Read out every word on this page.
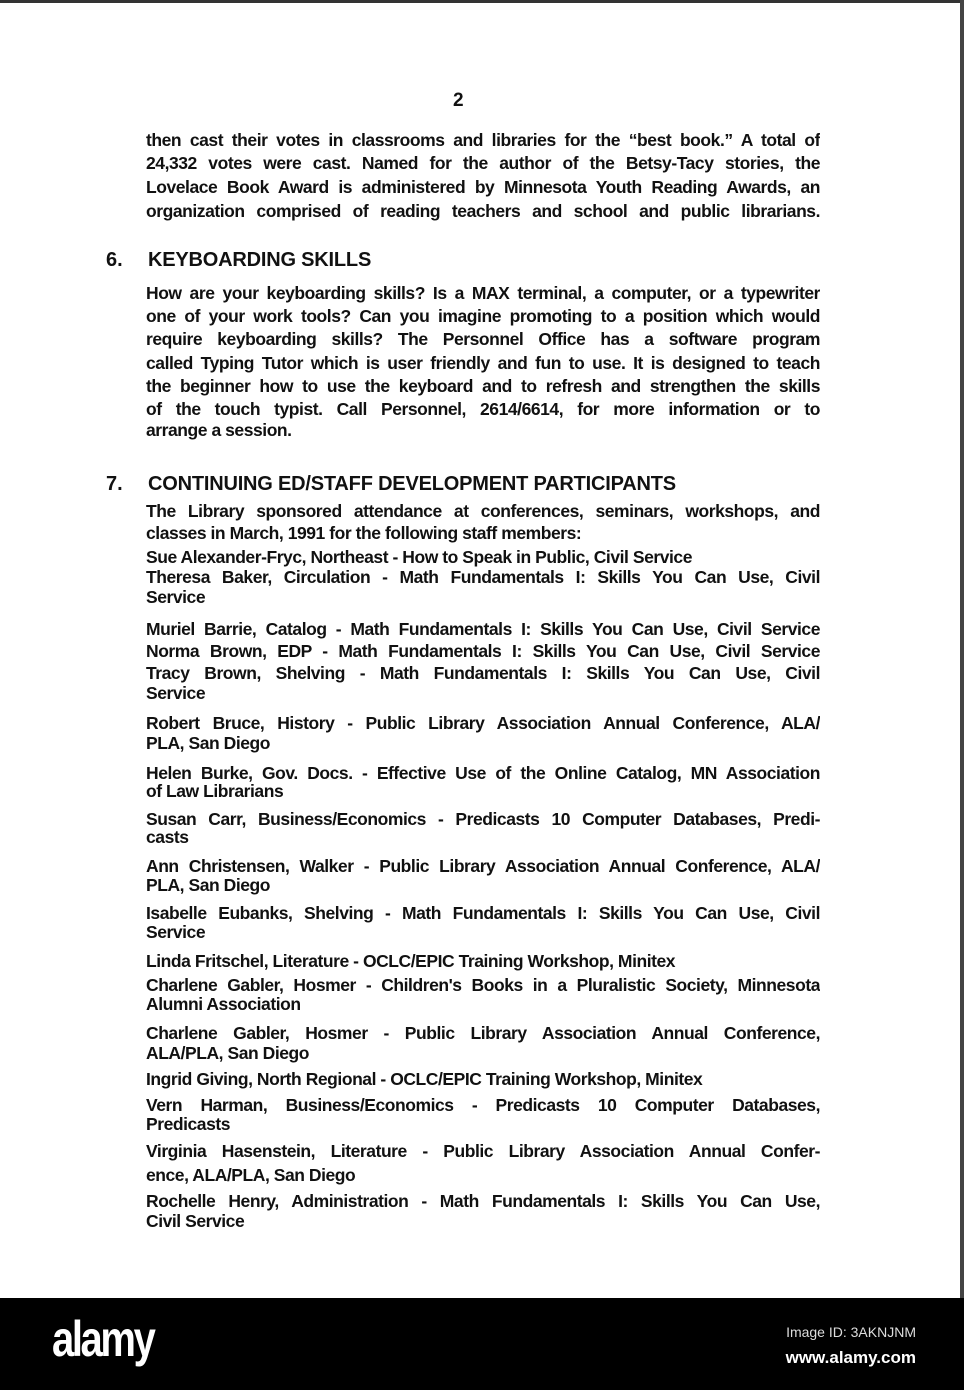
2
then cast their votes in classrooms and libraries for the “best book.” A total of
24,332 votes were cast. Named for the author of the Betsy-Tacy stories, the
Lovelace Book Award is administered by Minnesota Youth Reading Awards, an
organization comprised of reading teachers and school and public librarians.
6. KEYBOARDING SKILLS
How are your keyboarding skills? Is a MAX terminal, a computer, or a typewriter
one of your work tools? Can you imagine promoting to a position which would
require keyboarding skills? The Personnel Office has a software program
called Typing Tutor which is user friendly and fun to use. It is designed to teach
the beginner how to use the keyboard and to refresh and strengthen the skills
of the touch typist. Call Personnel, 2614/6614, for more information or to
arrange a session.
7. CONTINUING ED/STAFF DEVELOPMENT PARTICIPANTS
The Library sponsored attendance at conferences, seminars, workshops, and
classes in March, 1991 for the following staff members:
Sue Alexander-Fryc, Northeast - How to Speak in Public, Civil Service
Theresa Baker, Circulation - Math Fundamentals I: Skills You Can Use, Civil
Service
Muriel Barrie, Catalog - Math Fundamentals I: Skills You Can Use, Civil Service
Norma Brown, EDP - Math Fundamentals I: Skills You Can Use, Civil Service
Tracy Brown, Shelving - Math Fundamentals I: Skills You Can Use, Civil
Service
Robert Bruce, History - Public Library Association Annual Conference, ALA/
PLA, San Diego
Helen Burke, Gov. Docs. - Effective Use of the Online Catalog, MN Association
of Law Librarians
Susan Carr, Business/Economics - Predicasts 10 Computer Databases, Predi-
casts
Ann Christensen, Walker - Public Library Association Annual Conference, ALA/
PLA, San Diego
Isabelle Eubanks, Shelving - Math Fundamentals I: Skills You Can Use, Civil
Service
Linda Fritschel, Literature - OCLC/EPIC Training Workshop, Minitex
Charlene Gabler, Hosmer - Children's Books in a Pluralistic Society, Minnesota
Alumni Association
Charlene Gabler, Hosmer - Public Library Association Annual Conference,
ALA/PLA, San Diego
Ingrid Giving, North Regional - OCLC/EPIC Training Workshop, Minitex
Vern Harman, Business/Economics - Predicasts 10 Computer Databases,
Predicasts
Virginia Hasenstein, Literature - Public Library Association Annual Confer-
ence, ALA/PLA, San Diego
Rochelle Henry, Administration - Math Fundamentals I: Skills You Can Use,
Civil Service
alamy	Image ID: 3AKNJNM
www.alamy.com
